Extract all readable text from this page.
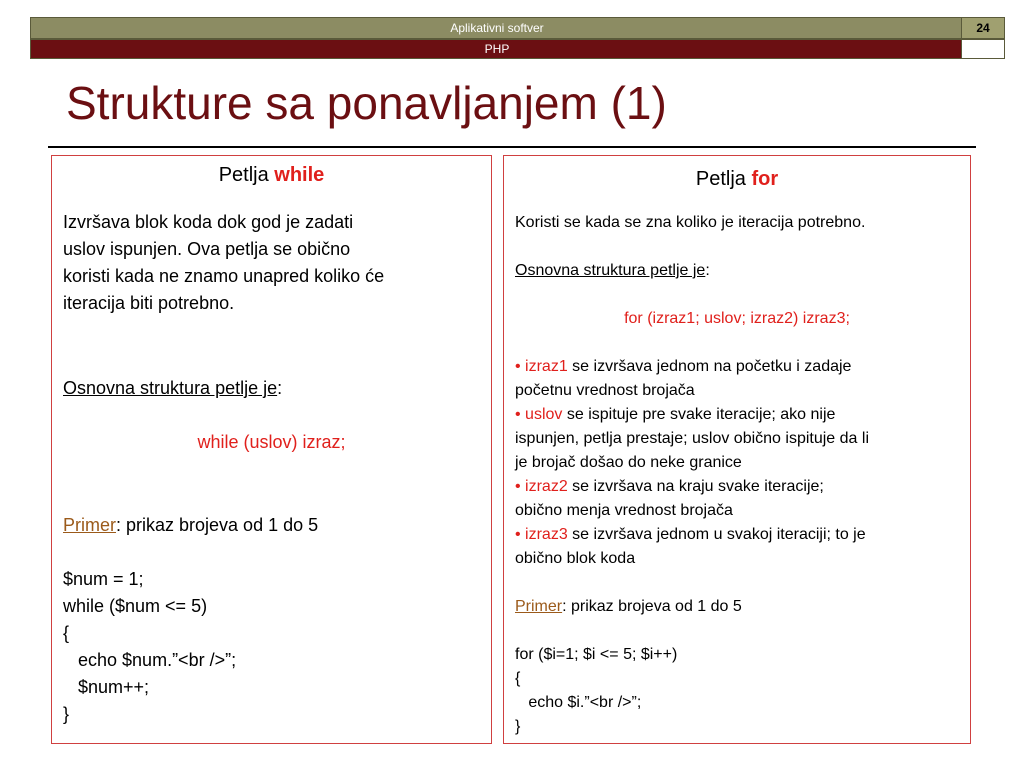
Aplikativni softver	24
PHP
Strukture sa ponavljanjem (1)
Petlja while
Izvršava blok koda dok god je zadati
uslov ispunjen. Ova petlja se obično
koristi kada ne znamo unapred koliko će
iteracija biti potrebno.
Osnovna struktura petlje je:
while (uslov) izraz;
Primer: prikaz brojeva od 1 do 5
$num = 1;
while ($num <= 5)
{
echo $num.”<br />”;
$num++;
}
Petlja for
Koristi se kada se zna koliko je iteracija potrebno.
Osnovna struktura petlje je:
for (izraz1; uslov; izraz2) izraz3;
• izraz1 se izvršava jednom na početku i zadaje
početnu vrednost brojača
• uslov se ispituje pre svake iteracije; ako nije
ispunjen, petlja prestaje; uslov obično ispituje da li
je brojač došao do neke granice
• izraz2 se izvršava na kraju svake iteracije;
obično menja vrednost brojača
• izraz3 se izvršava jednom u svakoj iteraciji; to je
obično blok koda
Primer: prikaz brojeva od 1 do 5
for ($i=1; $i <= 5; $i++)
{
echo $i.”<br />”;
}
